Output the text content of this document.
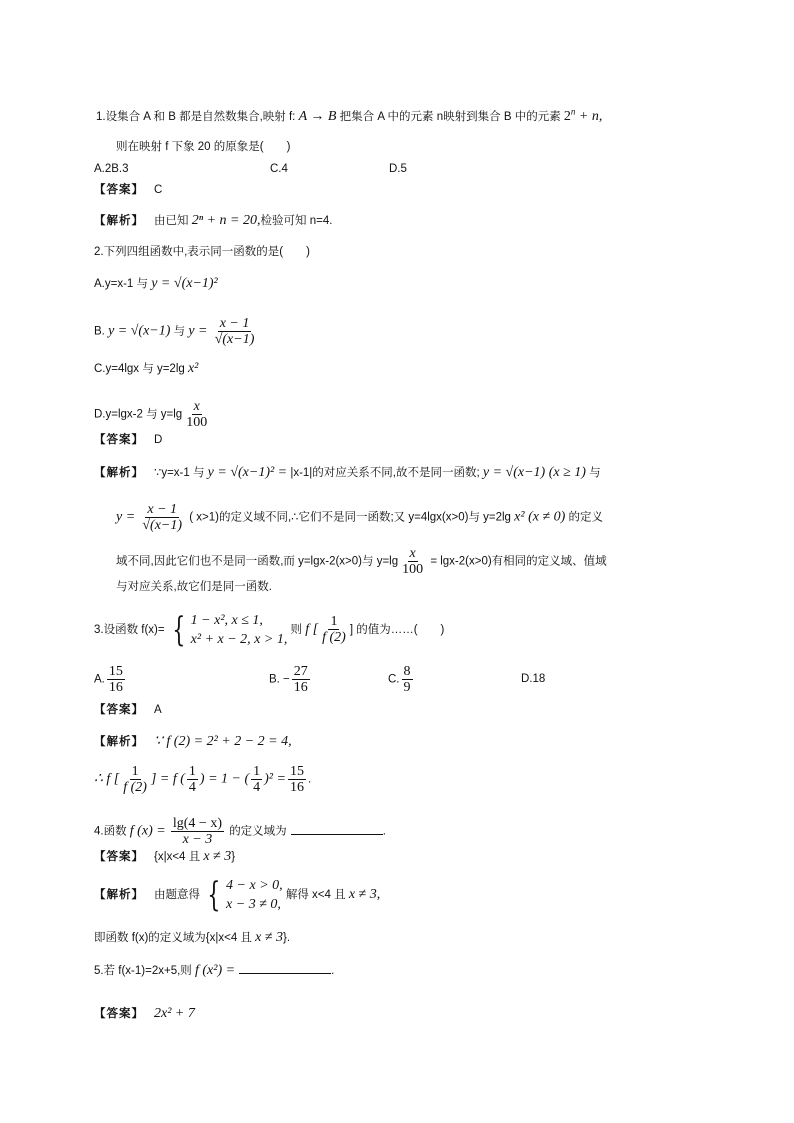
1.设集合 A 和 B 都是自然数集合,映射 f: A → B 把集合 A 中的元素 n映射到集合 B 中的元素 $2^n + n$,
则在映射 f 下象 20 的原象是(　　)
A.2B.3	C.4	D.5
【答案】 C
【解析】 由已知 2ⁿ + n = 20,检验可知 n=4.
2.下列四组函数中,表示同一函数的是(　　)
A.y=x-1 与 y = √(x−1)²
B. y = √(x−1) 与 $y = \frac{x - 1}{√(x-1)}$
C.y=4lgx 与 y=2lg x²
D.y=lgx-2 与 $y=\lg \frac{x}{100}$
【答案】 D
【解析】 ∵y=x-1 与 y = √(x−1)² = |x-1|的对应关系不同,故不是同一函数; y = √(x−1) (x ≥ 1) 与
$y = \frac{x - 1}{√(x-1)}$ ( x>1)的定义域不同,∴它们不是同一函数;又 y=4lgx(x>0)与 y=2lg x² (x ≠ 0) 的定义
域不同,因此它们也不是同一函数,而 y=lgx-2(x>0)与 $y=\lg \frac{x}{100} = \lg x-2(x>0)$有相同的定义域、值域
与对应关系,故它们是同一函数.
3.设函数 f(x)= { 1 − x², x ≤ 1,
x² + x − 2, x > 1,
则 f [ $\frac{1}{f (2)}$ ] 的值为……(　　)
A. $\frac{15}{16}$	B. − $\frac{27}{16}$	C. $\frac{8}{9}$	D.18
【答案】 A
【解析】 ∵ f (2) = 2² + 2 − 2 = 4,
∴ f [ $\frac{1}{f (2)}$ ] = f ( $\frac{1}{4}$ ) = 1 − ( $\frac{1}{4} )^2 = \frac{15}{16}$ .
4.函数 f $(x) = \frac{\lg(4 - x)}{x - 3}$ 的定义域为	.
【答案】 {x|x<4 且 x ≠ 3}
【解析】 由题意得 { 4 − x > 0,
x − 3 ≠ 0,
解得 x<4 且 x ≠ 3,
即函数 f(x)的定义域为{x|x<4 且 x ≠ 3}.
5.若 f(x-1)=2x+5,则 f (x²) =	.
【答案】 2x² + 7
